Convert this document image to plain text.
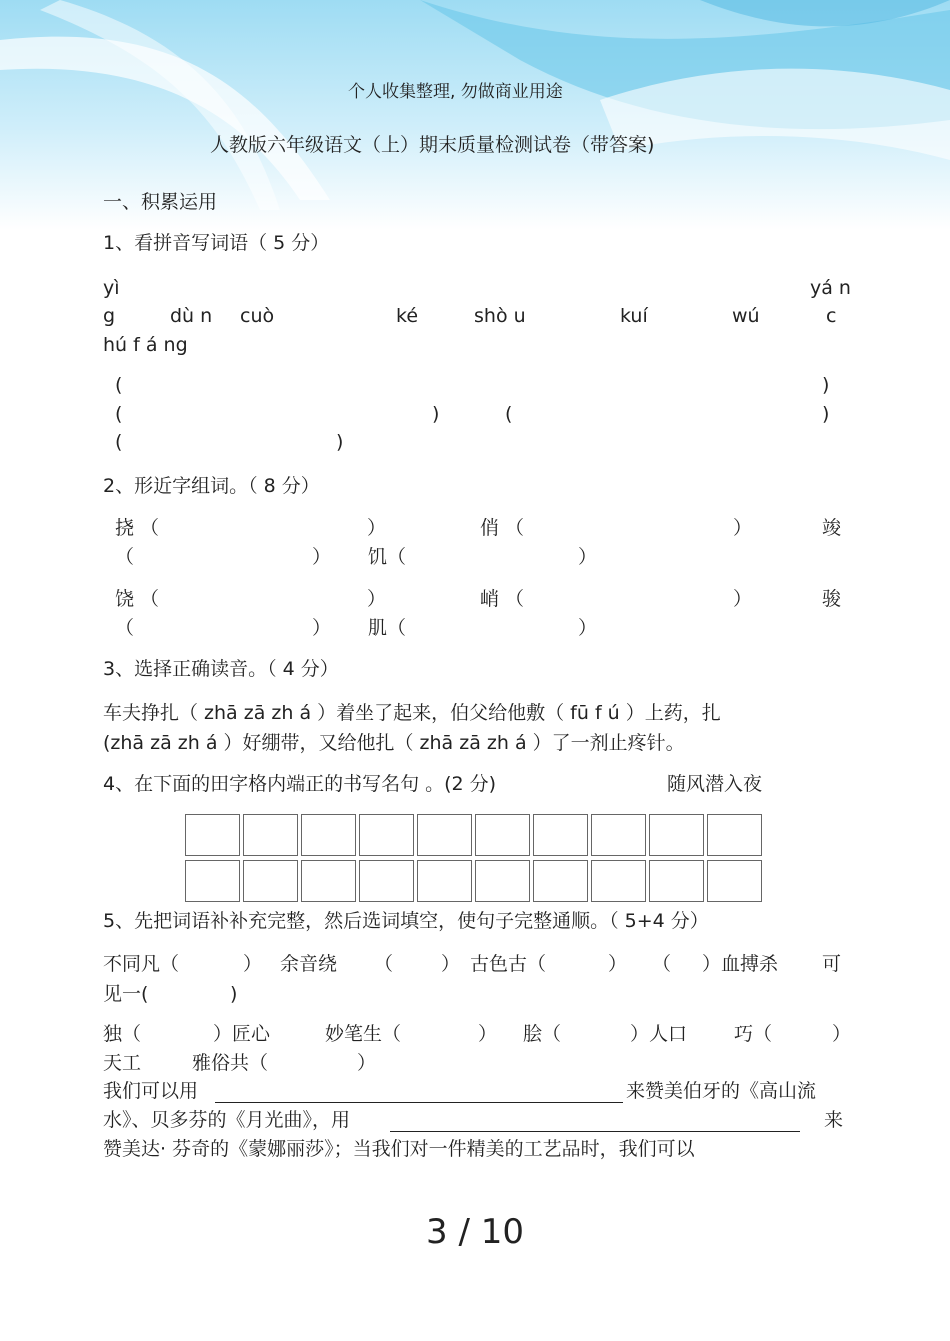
个人收集整理, 勿做商业用途
人教版六年级语文（上）期末质量检测试卷（带答案)
一、积累运用
1、看拼音写词语（ 5 分）
yì	yá n
g	dù n cuò	ké	shò u	kuí	wú	c
hú f á ng
(	)
(	)	(	)
(	)
2、形近字组词。（ 8 分）
挠 （	）	俏 （	）	竣
（	） 饥（	）
饶 （	）	峭 （	）	骏
（	） 肌（	）
3、选择正确读音。（ 4 分）
车夫挣扎（ zhā zā zh á ）着坐了起来，伯父给他敷（ fū f ú ）上药，扎
(zhā zā zh á ）好绷带，又给他扎（ zhā zā zh á ）了一剂止疼针。
4、在下面的田字格内端正的书写名句 。(2 分)	随风潜入夜
5、先把词语补补充完整，然后选词填空，使句子完整通顺。（ 5+4 分）
不同凡（	） 余音绕 （	） 古色古（	） （ ）血搏杀 可
见一(	)
独（	）匠心	妙笔生（	） 脍（	）人口 巧（	）
天工	雅俗共（	）
我们可以用	来赞美伯牙的《高山流
水》、贝多芬的《月光曲》，用	来
赞美达· 芬奇的《蒙娜丽莎》；当我们对一件精美的工艺品时，我们可以
3 / 10
